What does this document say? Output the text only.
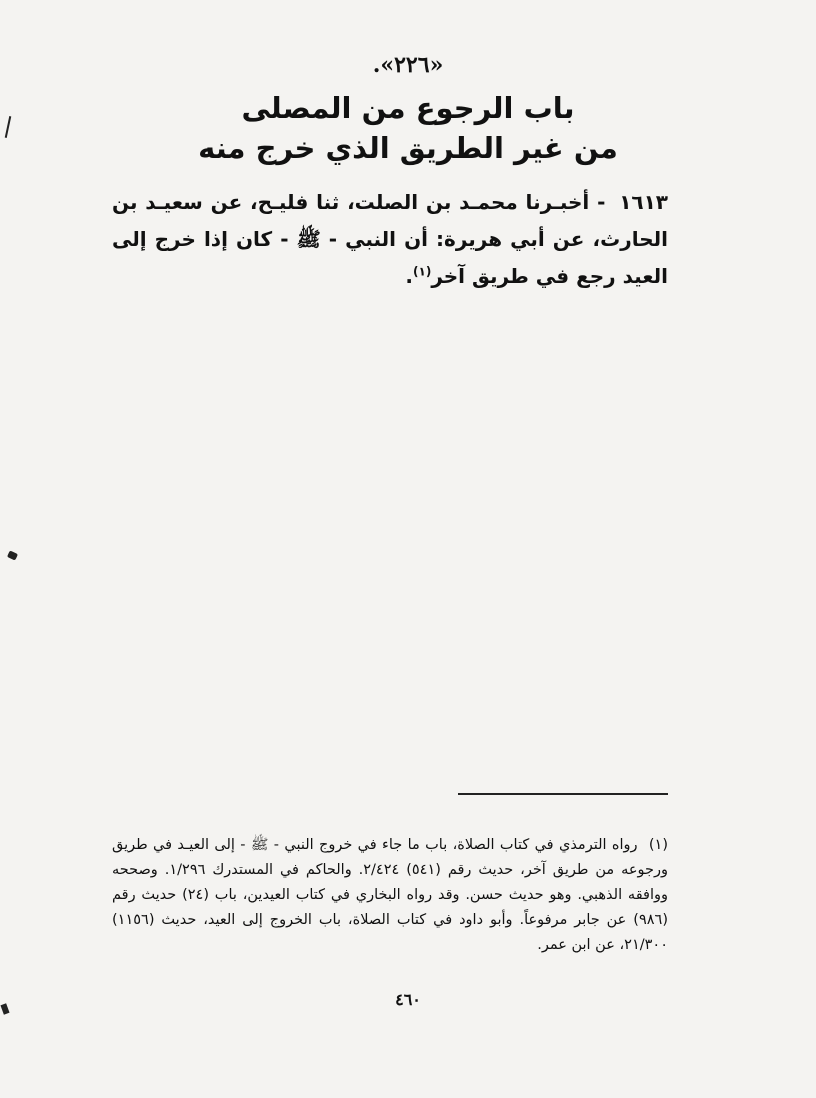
«٢٢٦».
باب الرجوع من المصلى
من غير الطريق الذي خرج منه
١٦١٣ - أخبـرنا محمـد بن الصلت، ثنا فليـح، عن سعيـد بن الحارث، عن أبي هريرة: أن النبي - ﷺ - كان إذا خرج إلى العيد رجع في طريق آخر$^{(١)}$.
(١) رواه الترمذي في كتاب الصلاة، باب ما جاء في خروج النبي - ﷺ - إلى العيـد في طريق ورجوعه من طريق آخر، حديث رقم (٥٤١) ٢/٤٢٤. والحاكم في المستدرك ١/٢٩٦. وصححه ووافقه الذهبي. وهو حديث حسن. وقد رواه البخاري في كتاب العيدين، باب (٢٤) حديث رقم (٩٨٦) عن جابر مرفوعاً. وأبو داود في كتاب الصلاة، باب الخروج إلى العيد، حديث (١١٥٦) ٢١/٣٠٠، عن ابن عمر.
٤٦٠
